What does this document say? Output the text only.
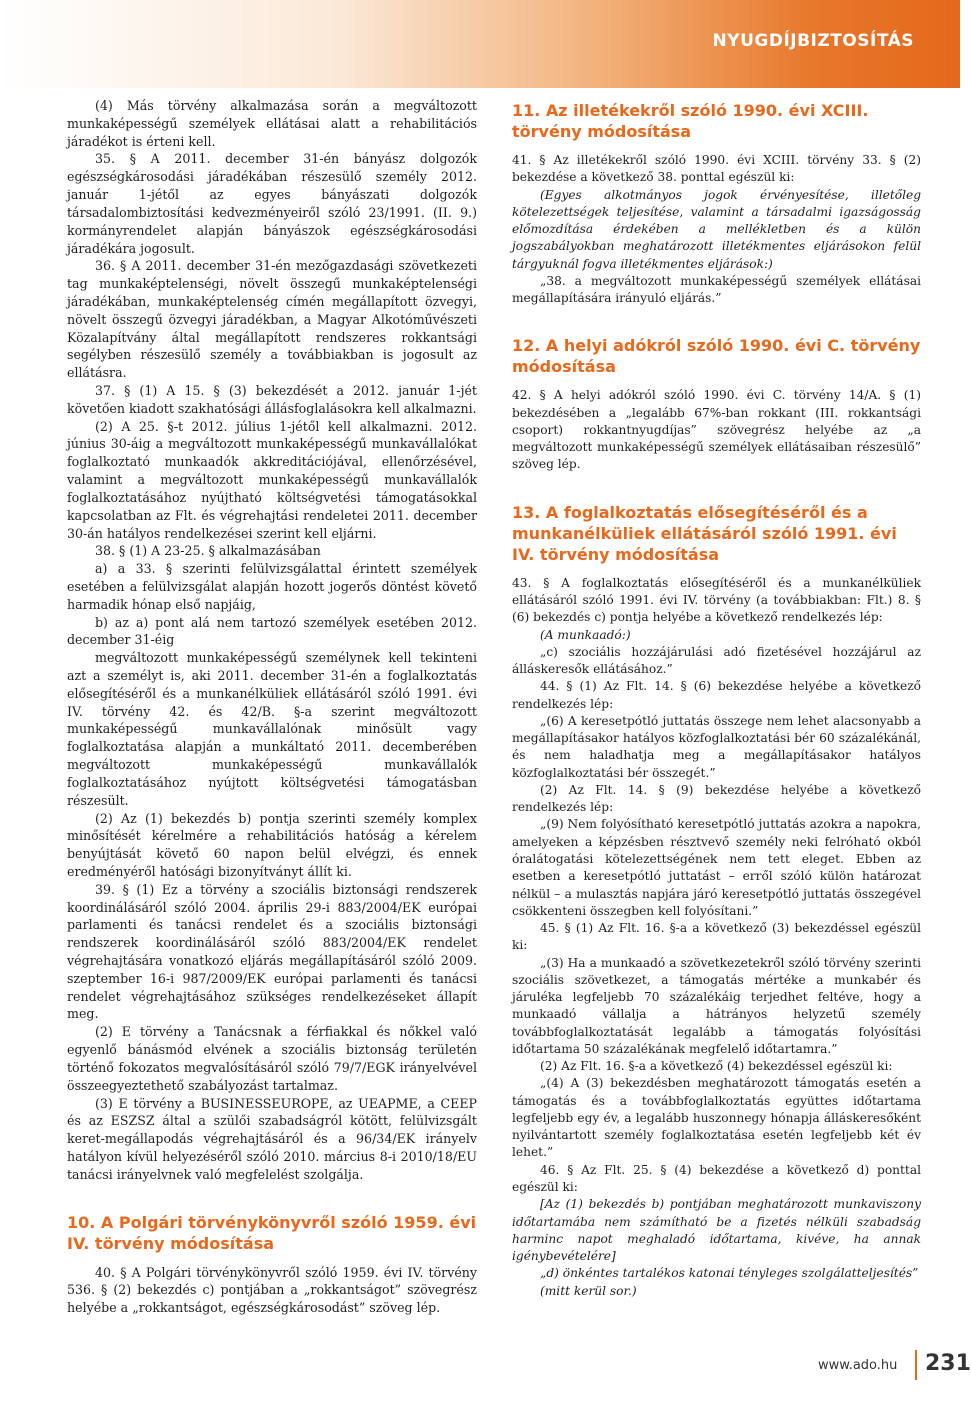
NYUGDÍJBIZTOSÍTÁS

(4) Más törvény alkalmazása során a megváltozott munkaképességű személyek ellátásai alatt a rehabilitációs járadékot is érteni kell.

35. § A 2011. december 31-én bányász dolgozók egészségkárosodási járadékában részesülő személy 2012. január 1-jétől az egyes bányászati dolgozók társadalombiztosítási kedvezményeiről szóló 23/1991. (II. 9.) kormányrendelet alapján bányászok egészségkárosodási járadékára jogosult.

36. § A 2011. december 31-én mezőgazdasági szövetkezeti tag munkaképtelenségi, növelt összegű munkaképtelenségi járadékában, munkaképtelenség címén megállapított özvegyi, növelt összegű özvegyi járadékban, a Magyar Alkotóművészeti Közalapítvány által megállapított rendszeres rokkantsági segélyben részesülő személy a továbbiakban is jogosult az ellátásra.

37. § (1) A 15. § (3) bekezdését a 2012. január 1-jét követően kiadott szakhatósági állásfoglalásokra kell alkalmazni.

(2) A 25. §-t 2012. július 1-jétől kell alkalmazni. 2012. június 30-áig a megváltozott munkaképességű munkavállalókat foglalkoztató munkaadók akkreditációjával, ellenőrzésével, valamint a megváltozott munkaképességű munkavállalók foglalkoztatásához nyújtható költségvetési támogatásokkal kapcsolatban az Flt. és végrehajtási rendeletei 2011. december 30-án hatályos rendelkezései szerint kell eljárni.

38. § (1) A 23-25. § alkalmazásában

a) a 33. § szerinti felülvizsgálattal érintett személyek esetében a felülvizsgálat alapján hozott jogerős döntést követő harmadik hónap első napjáig,

b) az a) pont alá nem tartozó személyek esetében 2012. december 31-éig

megváltozott munkaképességű személynek kell tekinteni azt a személyt is, aki 2011. december 31-én a foglalkoztatás elősegítéséről és a munkanélküliek ellátásáról szóló 1991. évi IV. törvény 42. és 42/B. §-a szerint megváltozott munkaképességű munkavállalónak minősült vagy foglalkoztatása alapján a munkáltató 2011. decemberében megváltozott munkaképességű munkavállalók foglalkoztatásához nyújtott költségvetési támogatásban részesült.

(2) Az (1) bekezdés b) pontja szerinti személy komplex minősítését kérelmére a rehabilitációs hatóság a kérelem benyújtását követő 60 napon belül elvégzi, és ennek eredményéről hatósági bizonyítványt állít ki.

39. § (1) Ez a törvény a szociális biztonsági rendszerek koordinálásáról szóló 2004. április 29-i 883/2004/EK európai parlamenti és tanácsi rendelet és a szociális biztonsági rendszerek koordinálásáról szóló 883/2004/EK rendelet végrehajtására vonatkozó eljárás megállapításáról szóló 2009. szeptember 16-i 987/2009/EK európai parlamenti és tanácsi rendelet végrehajtásához szükséges rendelkezéseket állapít meg.

(2) E törvény a Tanácsnak a férfiakkal és nőkkel való egyenlő bánásmód elvének a szociális biztonság területén történő fokozatos megvalósításáról szóló 79/7/EGK irányelvével összeegyeztethető szabályozást tartalmaz.

(3) E törvény a BUSINESSEUROPE, az UEAPME, a CEEP és az ESZSZ által a szülői szabadságról kötött, felülvizsgált keret-megállapodás végrehajtásáról és a 96/34/EK irányelv hatályon kívül helyezéséről szóló 2010. március 8-i 2010/18/EU tanácsi irányelvnek való megfelelést szolgálja.

10. A Polgári törvénykönyvről szóló 1959. évi IV. törvény módosítása

40. § A Polgári törvénykönyvről szóló 1959. évi IV. törvény 536. § (2) bekezdés c) pontjában a „rokkantságot” szövegrész helyébe a „rokkantságot, egészségkárosodást” szöveg lép.

11. Az illetékekről szóló 1990. évi XCIII. törvény módosítása

41. § Az illetékekről szóló 1990. évi XCIII. törvény 33. § (2) bekezdése a következő 38. ponttal egészül ki:

(Egyes alkotmányos jogok érvényesítése, illetőleg kötelezettségek teljesítése, valamint a társadalmi igazságosság előmozdítása érdekében a mellékletben és a külön jogszabályokban meghatározott illetékmentes eljárásokon felül tárgyuknál fogva illetékmentes eljárások:)

„38. a megváltozott munkaképességű személyek ellátásai megállapítására irányuló eljárás.”

12. A helyi adókról szóló 1990. évi C. törvény módosítása

42. § A helyi adókról szóló 1990. évi C. törvény 14/A. § (1) bekezdésében a „legalább 67%-ban rokkant (III. rokkantsági csoport) rokkantnyugdíjas” szövegrész helyébe az „a megváltozott munkaképességű személyek ellátásaiban részesülő” szöveg lép.

13. A foglalkoztatás elősegítéséről és a munkanélküliek ellátásáról szóló 1991. évi IV. törvény módosítása

43. § A foglalkoztatás elősegítéséről és a munkanélküliek ellátásáról szóló 1991. évi IV. törvény (a továbbiakban: Flt.) 8. § (6) bekezdés c) pontja helyébe a következő rendelkezés lép:

(A munkaadó:)

„c) szociális hozzájárulási adó fizetésével hozzájárul az álláskeresők ellátásához.”

44. § (1) Az Flt. 14. § (6) bekezdése helyébe a következő rendelkezés lép:

„(6) A keresetpótló juttatás összege nem lehet alacsonyabb a megállapításakor hatályos közfoglalkoztatási bér 60 százalékánál, és nem haladhatja meg a megállapításakor hatályos közfoglalkoztatási bér összegét.”

(2) Az Flt. 14. § (9) bekezdése helyébe a következő rendelkezés lép:

„(9) Nem folyósítható keresetpótló juttatás azokra a napokra, amelyeken a képzésben résztvevő személy neki felróható okból óralátogatási kötelezettségének nem tett eleget. Ebben az esetben a keresetpótló juttatást – erről szóló külön határozat nélkül – a mulasztás napjára járó keresetpótló juttatás összegével csökkenteni összegben kell folyósítani.”

45. § (1) Az Flt. 16. §-a a következő (3) bekezdéssel egészül ki:

„(3) Ha a munkaadó a szövetkezetekről szóló törvény szerinti szociális szövetkezet, a támogatás mértéke a munkabér és járuléka legfeljebb 70 százalékáig terjedhet feltéve, hogy a munkaadó vállalja a hátrányos helyzetű személy továbbfoglalkoztatását legalább a támogatás folyósítási időtartama 50 százalékának megfelelő időtartamra.”

(2) Az Flt. 16. §-a a következő (4) bekezdéssel egészül ki:

„(4) A (3) bekezdésben meghatározott támogatás esetén a támogatás és a továbbfoglalkoztatás együttes időtartama legfeljebb egy év, a legalább huszonnegy hónapja álláskeresőként nyilvántartott személy foglalkoztatása esetén legfeljebb két év lehet.”

46. § Az Flt. 25. § (4) bekezdése a következő d) ponttal egészül ki:

[Az (1) bekezdés b) pontjában meghatározott munkaviszony időtartamába nem számítható be a fizetés nélküli szabadság harminc napot meghaladó időtartama, kivéve, ha annak igénybevételére]

„d) önkéntes tartalékos katonai tényleges szolgálatteljesítés”

(mitt kerül sor.)

www.ado.hu 231
